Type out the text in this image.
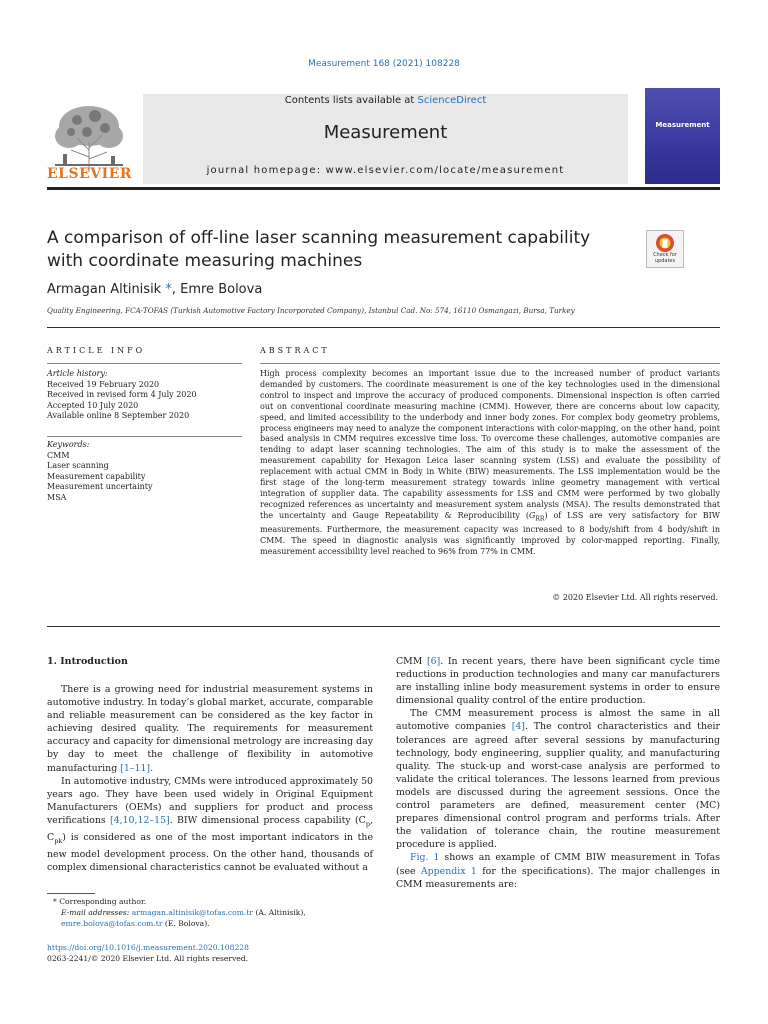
Measurement 168 (2021) 108228
ELSEVIER
Contents lists available at ScienceDirect
Measurement
journal homepage: www.elsevier.com/locate/measurement
Measurement
A comparison of off-line laser scanning measurement capability with coordinate measuring machines	Check for updates
Armagan Altinisik *, Emre Bolova
Quality Engineering, FCA-TOFAS (Turkish Automotive Factory Incorporated Company), Istanbul Cad. No: 574, 16110 Osmangazi, Bursa, Turkey
ARTICLE INFO
Article history:
Received 19 February 2020
Received in revised form 4 July 2020
Accepted 10 July 2020
Available online 8 September 2020
Keywords:
CMM
Laser scanning
Measurement capability
Measurement uncertainty
MSA
ABSTRACT
High process complexity becomes an important issue due to the increased number of product variants demanded by customers. The coordinate measurement is one of the key technologies used in the dimensional control to inspect and improve the accuracy of produced components. Dimensional inspection is often carried out on conventional coordinate measuring machine (CMM). However, there are concerns about low capacity, speed, and limited accessibility to the underbody and inner body zones. For complex body geometry problems, process engineers may need to analyze the component interactions with color-mapping, on the other hand, point based analysis in CMM requires excessive time loss. To overcome these challenges, automotive companies are tending to adapt laser scanning technologies. The aim of this study is to make the assessment of the measurement capability for Hexagon Leica laser scanning system (LSS) and evaluate the possibility of replacement with actual CMM in Body in White (BIW) measurements. The LSS implementation would be the first stage of the long-term measurement strategy towards inline geometry management with vertical integration of supplier data. The capability assessments for LSS and CMM were performed by two globally recognized references as uncertainty and measurement system analysis (MSA). The results demonstrated that the uncertainty and Gauge Repeatability & Reproducibility $(G_{RR})$ of LSS are very satisfactory for BIW measurements. Furthermore, the measurement capacity was increased to 8 body/shift from 4 body/shift in CMM. The speed in diagnostic analysis was significantly improved by color-mapped reporting. Finally, measurement accessibility level reached to 96% from 77% in CMM.
© 2020 Elsevier Ltd. All rights reserved.
1. Introduction

There is a growing need for industrial measurement systems in automotive industry. In today’s global market, accurate, comparable and reliable measurement can be considered as the key factor in achieving desired quality. The requirements for measurement accuracy and capacity for dimensional metrology are increasing day by day to meet the challenge of flexibility in automotive manufacturing [1–11].

In automotive industry, CMMs were introduced approximately 50 years ago. They have been used widely in Original Equipment Manufacturers (OEMs) and suppliers for product and process verifications [4,10,12–15]. BIW dimensional process capability ($C_p$, $C_{pk}$) is considered as one of the most important indicators in the new model development process. On the other hand, thousands of complex dimensional characteristics cannot be evaluated without a

CMM [6]. In recent years, there have been significant cycle time reductions in production technologies and many car manufacturers are installing inline body measurement systems in order to ensure dimensional quality control of the entire production.

The CMM measurement process is almost the same in all automotive companies [4]. The control characteristics and their tolerances are agreed after several sessions by manufacturing technology, body engineering, supplier quality, and manufacturing quality. The stuck-up and worst-case analysis are performed to validate the critical tolerances. The lessons learned from previous models are discussed during the agreement sessions. Once the control parameters are defined, measurement center (MC) prepares dimensional control program and performs trials. After the validation of tolerance chain, the routine measurement procedure is applied.

Fig. 1 shows an example of CMM BIW measurement in Tofas (see Appendix 1 for the specifications). The major challenges in CMM measurements are:

* Corresponding author.
E-mail addresses: armagan.altinisik@tofas.com.tr (A. Altinisik), emre.bolova@tofas.com.tr (E. Bolova).
https://doi.org/10.1016/j.measurement.2020.108228
0263-2241/© 2020 Elsevier Ltd. All rights reserved.
